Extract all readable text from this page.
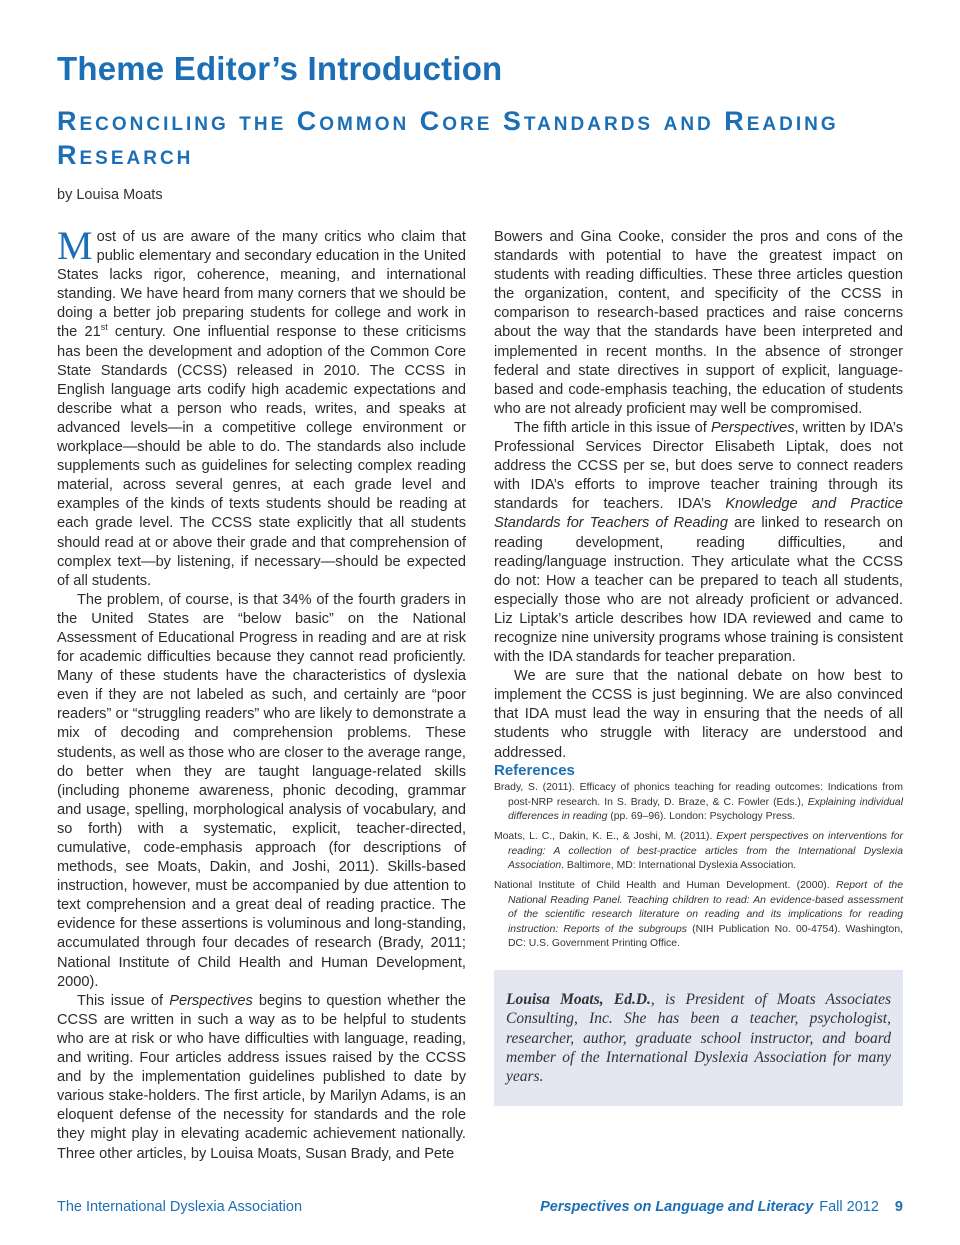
Theme Editor’s Introduction
Reconciling the Common Core Standards and Reading Research
by Louisa Moats

Most of us are aware of the many critics who claim that public elementary and secondary education in the United States lacks rigor, coherence, meaning, and international standing. We have heard from many corners that we should be doing a better job preparing students for college and work in the 21st century. One influential response to these criticisms has been the development and adoption of the Common Core State Standards (CCSS) released in 2010. The CCSS in English language arts codify high academic expectations and describe what a person who reads, writes, and speaks at advanced levels—in a competitive college environment or workplace—should be able to do. The standards also include supplements such as guidelines for selecting complex reading material, across several genres, at each grade level and examples of the kinds of texts students should be reading at each grade level. The CCSS state explicitly that all students should read at or above their grade and that comprehension of complex text—by listening, if necessary—should be expected of all students.

The problem, of course, is that 34% of the fourth graders in the United States are “below basic” on the National Assessment of Educational Progress in reading and are at risk for academic difficulties because they cannot read proficiently. Many of these students have the characteristics of dyslexia even if they are not labeled as such, and certainly are “poor readers” or “struggling readers” who are likely to demonstrate a mix of decoding and comprehension problems. These students, as well as those who are closer to the average range, do better when they are taught language-related skills (including phoneme awareness, phonic decoding, grammar and usage, spelling, morphological analysis of vocabulary, and so forth) with a systematic, explicit, teacher-directed, cumulative, code-emphasis approach (for descriptions of methods, see Moats, Dakin, and Joshi, 2011). Skills-based instruction, however, must be accompanied by due attention to text comprehension and a great deal of reading practice. The evidence for these assertions is voluminous and long-standing, accumulated through four decades of research (Brady, 2011; National Institute of Child Health and Human Development, 2000).

This issue of Perspectives begins to question whether the CCSS are written in such a way as to be helpful to students who are at risk or who have difficulties with language, reading, and writing. Four articles address issues raised by the CCSS and by the implementation guidelines published to date by various stake-holders. The first article, by Marilyn Adams, is an eloquent defense of the necessity for standards and the role they might play in elevating academic achievement nationally. Three other articles, by Louisa Moats, Susan Brady, and Pete

Bowers and Gina Cooke, consider the pros and cons of the standards with potential to have the greatest impact on students with reading difficulties. These three articles question the organization, content, and specificity of the CCSS in comparison to research-based practices and raise concerns about the way that the standards have been interpreted and implemented in recent months. In the absence of stronger federal and state directives in support of explicit, language-based and code-emphasis teaching, the education of students who are not already proficient may well be compromised.

The fifth article in this issue of Perspectives, written by IDA’s Professional Services Director Elisabeth Liptak, does not address the CCSS per se, but does serve to connect readers with IDA’s efforts to improve teacher training through its standards for teachers. IDA’s Knowledge and Practice Standards for Teachers of Reading are linked to research on reading development, reading difficulties, and reading/language instruction. They articulate what the CCSS do not: How a teacher can be prepared to teach all students, especially those who are not already proficient or advanced. Liz Liptak’s article describes how IDA reviewed and came to recognize nine university programs whose training is consistent with the IDA standards for teacher preparation.

We are sure that the national debate on how best to implement the CCSS is just beginning. We are also convinced that IDA must lead the way in ensuring that the needs of all students who struggle with literacy are understood and addressed.

References
Brady, S. (2011). Efficacy of phonics teaching for reading outcomes: Indications from post-NRP research. In S. Brady, D. Braze, & C. Fowler (Eds.), Explaining individual differences in reading (pp. 69–96). London: Psychology Press.
Moats, L. C., Dakin, K. E., & Joshi, M. (2011). Expert perspectives on interventions for reading: A collection of best-practice articles from the International Dyslexia Association. Baltimore, MD: International Dyslexia Association.
National Institute of Child Health and Human Development. (2000). Report of the National Reading Panel. Teaching children to read: An evidence-based assessment of the scientific research literature on reading and its implications for reading instruction: Reports of the subgroups (NIH Publication No. 00-4754). Washington, DC: U.S. Government Printing Office.

Louisa Moats, Ed.D., is President of Moats Associates Consulting, Inc. She has been a teacher, psychologist, researcher, author, graduate school instructor, and board member of the International Dyslexia Association for many years.

The International Dyslexia Association	Perspectives on Language and Literacy Fall 2012 9
